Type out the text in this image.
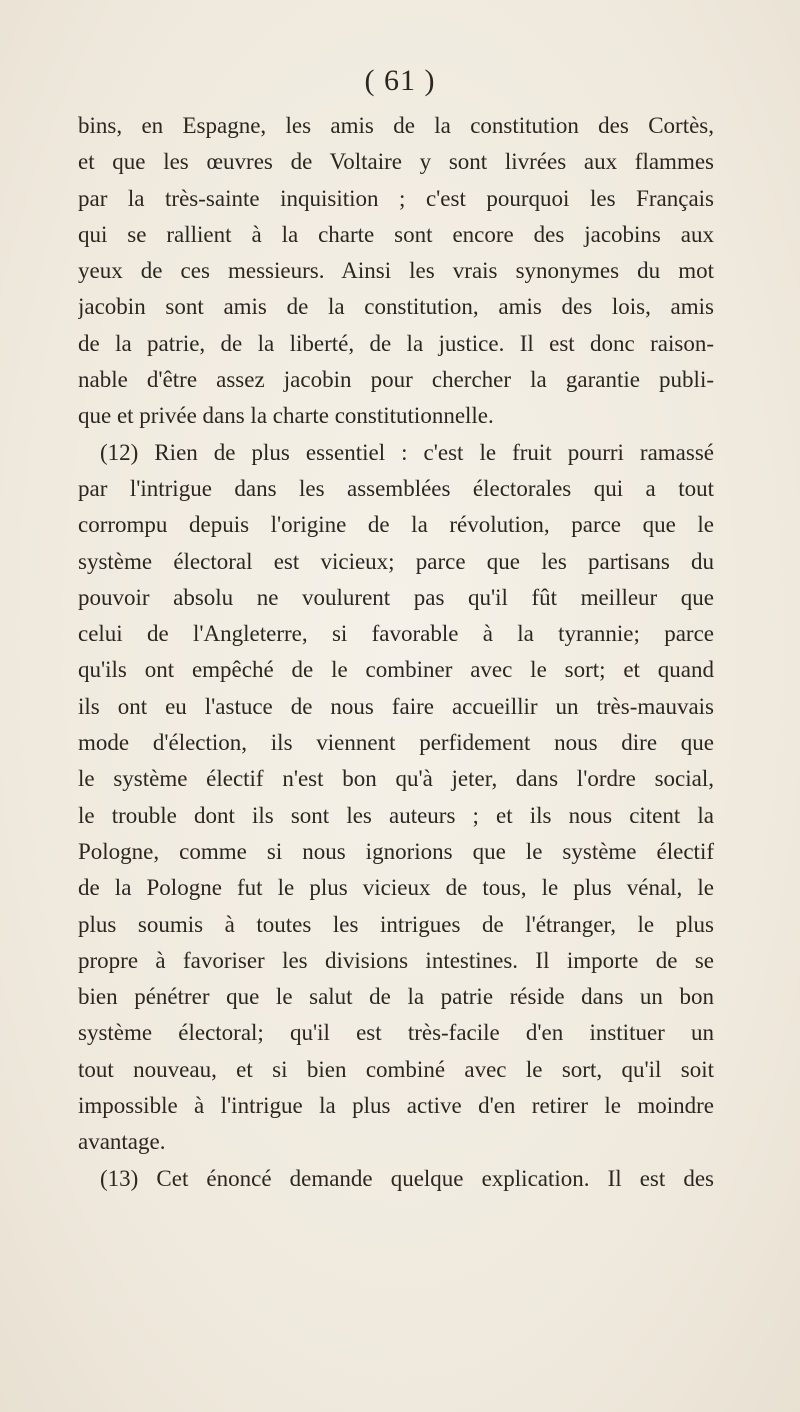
( 61 )
bins, en Espagne, les amis de la constitution des Cortès,
et que les œuvres de Voltaire y sont livrées aux flammes
par la très-sainte inquisition ; c'est pourquoi les Français
qui se rallient à la charte sont encore des jacobins aux
yeux de ces messieurs. Ainsi les vrais synonymes du mot
jacobin sont amis de la constitution, amis des lois, amis
de la patrie, de la liberté, de la justice. Il est donc raison-
nable d'être assez jacobin pour chercher la garantie publi-
que et privée dans la charte constitutionnelle.
(12) Rien de plus essentiel : c'est le fruit pourri ramassé
par l'intrigue dans les assemblées électorales qui a tout
corrompu depuis l'origine de la révolution, parce que le
système électoral est vicieux; parce que les partisans du
pouvoir absolu ne voulurent pas qu'il fût meilleur que
celui de l'Angleterre, si favorable à la tyrannie; parce
qu'ils ont empêché de le combiner avec le sort; et quand
ils ont eu l'astuce de nous faire accueillir un très-mauvais
mode d'élection, ils viennent perfidement nous dire que
le système électif n'est bon qu'à jeter, dans l'ordre social,
le trouble dont ils sont les auteurs ; et ils nous citent la
Pologne, comme si nous ignorions que le système électif
de la Pologne fut le plus vicieux de tous, le plus vénal, le
plus soumis à toutes les intrigues de l'étranger, le plus
propre à favoriser les divisions intestines. Il importe de se
bien pénétrer que le salut de la patrie réside dans un bon
système électoral; qu'il est très-facile d'en instituer un
tout nouveau, et si bien combiné avec le sort, qu'il soit
impossible à l'intrigue la plus active d'en retirer le moindre
avantage.
(13) Cet énoncé demande quelque explication. Il est des
